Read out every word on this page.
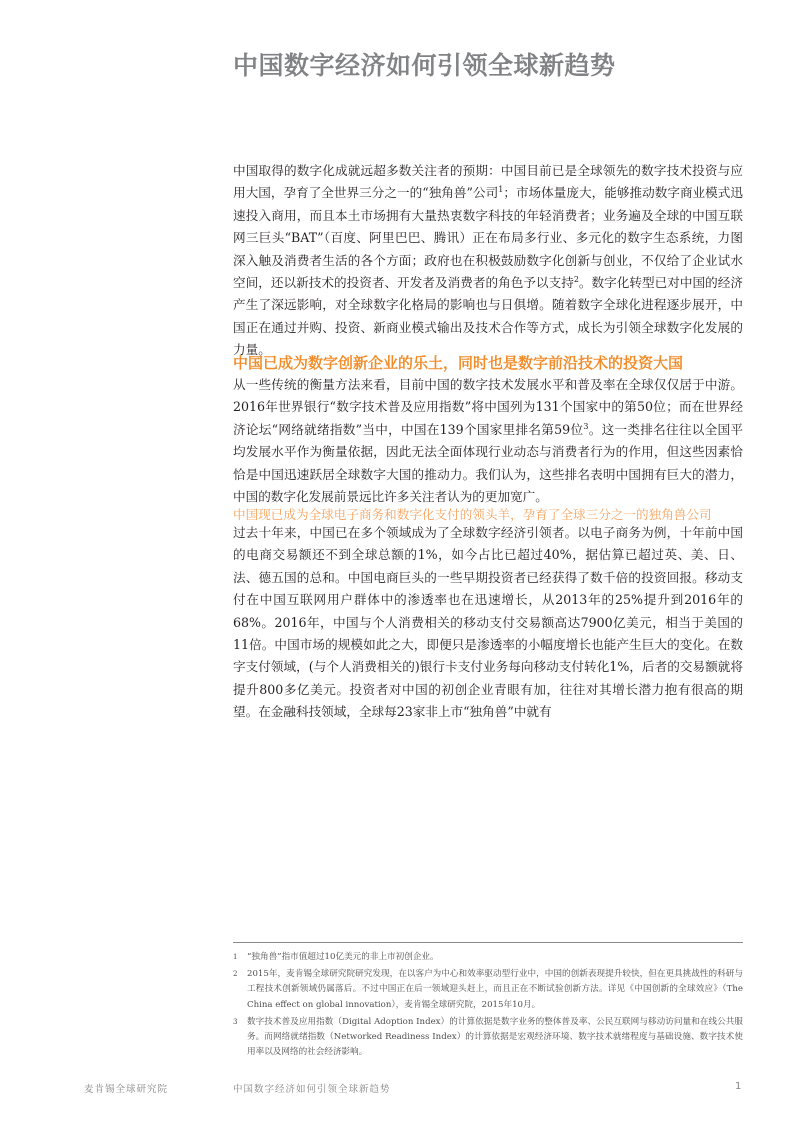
中国数字经济如何引领全球新趋势
中国取得的数字化成就远超多数关注者的预期：中国目前已是全球领先的数字技术投资与应用大国，孕育了全世界三分之一的“独角兽”公司$^1$；市场体量庞大，能够推动数字商业模式迅速投入商用，而且本土市场拥有大量热衷数字科技的年轻消费者；业务遍及全球的中国互联网三巨头“BAT”（百度、阿里巴巴、腾讯）正在布局多行业、多元化的数字生态系统，力图深入触及消费者生活的各个方面；政府也在积极鼓励数字化创新与创业，不仅给了企业试水空间，还以新技术的投资者、开发者及消费者的角色予以支持$^2$。数字化转型已对中国的经济产生了深远影响，对全球数字化格局的影响也与日俱增。随着数字全球化进程逐步展开，中国正在通过并购、投资、新商业模式输出及技术合作等方式，成长为引领全球数字化发展的力量。
中国已成为数字创新企业的乐土，同时也是数字前沿技术的投资大国
从一些传统的衡量方法来看，目前中国的数字技术发展水平和普及率在全球仅仅居于中游。2016年世界银行“数字技术普及应用指数”将中国列为131个国家中的第50位；而在世界经济论坛“网络就绪指数”当中，中国在139个国家里排名第59位$^3$。这一类排名往往以全国平均发展水平作为衡量依据，因此无法全面体现行业动态与消费者行为的作用，但这些因素恰恰是中国迅速跃居全球数字大国的推动力。我们认为，这些排名表明中国拥有巨大的潜力，中国的数字化发展前景远比许多关注者认为的更加宽广。
中国现已成为全球电子商务和数字化支付的领头羊，孕育了全球三分之一的独角兽公司
过去十年来，中国已在多个领域成为了全球数字经济引领者。以电子商务为例，十年前中国的电商交易额还不到全球总额的1%，如今占比已超过40%，据估算已超过英、美、日、法、德五国的总和。中国电商巨头的一些早期投资者已经获得了数千倍的投资回报。移动支付在中国互联网用户群体中的渗透率也在迅速增长，从2013年的25%提升到2016年的68%。2016年，中国与个人消费相关的移动支付交易额高达7900亿美元，相当于美国的11倍。中国市场的规模如此之大，即便只是渗透率的小幅度增长也能产生巨大的变化。在数字支付领域，(与个人消费相关的)银行卡支付业务每向移动支付转化1%，后者的交易额就将提升800多亿美元。投资者对中国的初创企业青眼有加，往往对其增长潜力抱有很高的期望。在金融科技领域，全球每23家非上市“独角兽”中就有
1 “独角兽”指市值超过10亿美元的非上市初创企业。
2 2015年，麦肯锡全球研究院研究发现，在以客户为中心和效率驱动型行业中，中国的创新表现提升较快，但在更具挑战性的科研与工程技术创新领域仍属落后。不过中国正在后一领域迎头赶上，而且正在不断试验创新方法。详见《中国创新的全球效应》（The China effect on global innovation），麦肯锡全球研究院，2015年10月。
3 数字技术普及应用指数（Digital Adoption Index）的计算依据是数字业务的整体普及率、公民互联网与移动访问量和在线公共服务。而网络就绪指数（Networked Readiness Index）的计算依据是宏观经济环境、数字技术就绪程度与基础设施、数字技术使用率以及网络的社会经济影响。
麦肯锡全球研究院	中国数字经济如何引领全球新趋势	1
